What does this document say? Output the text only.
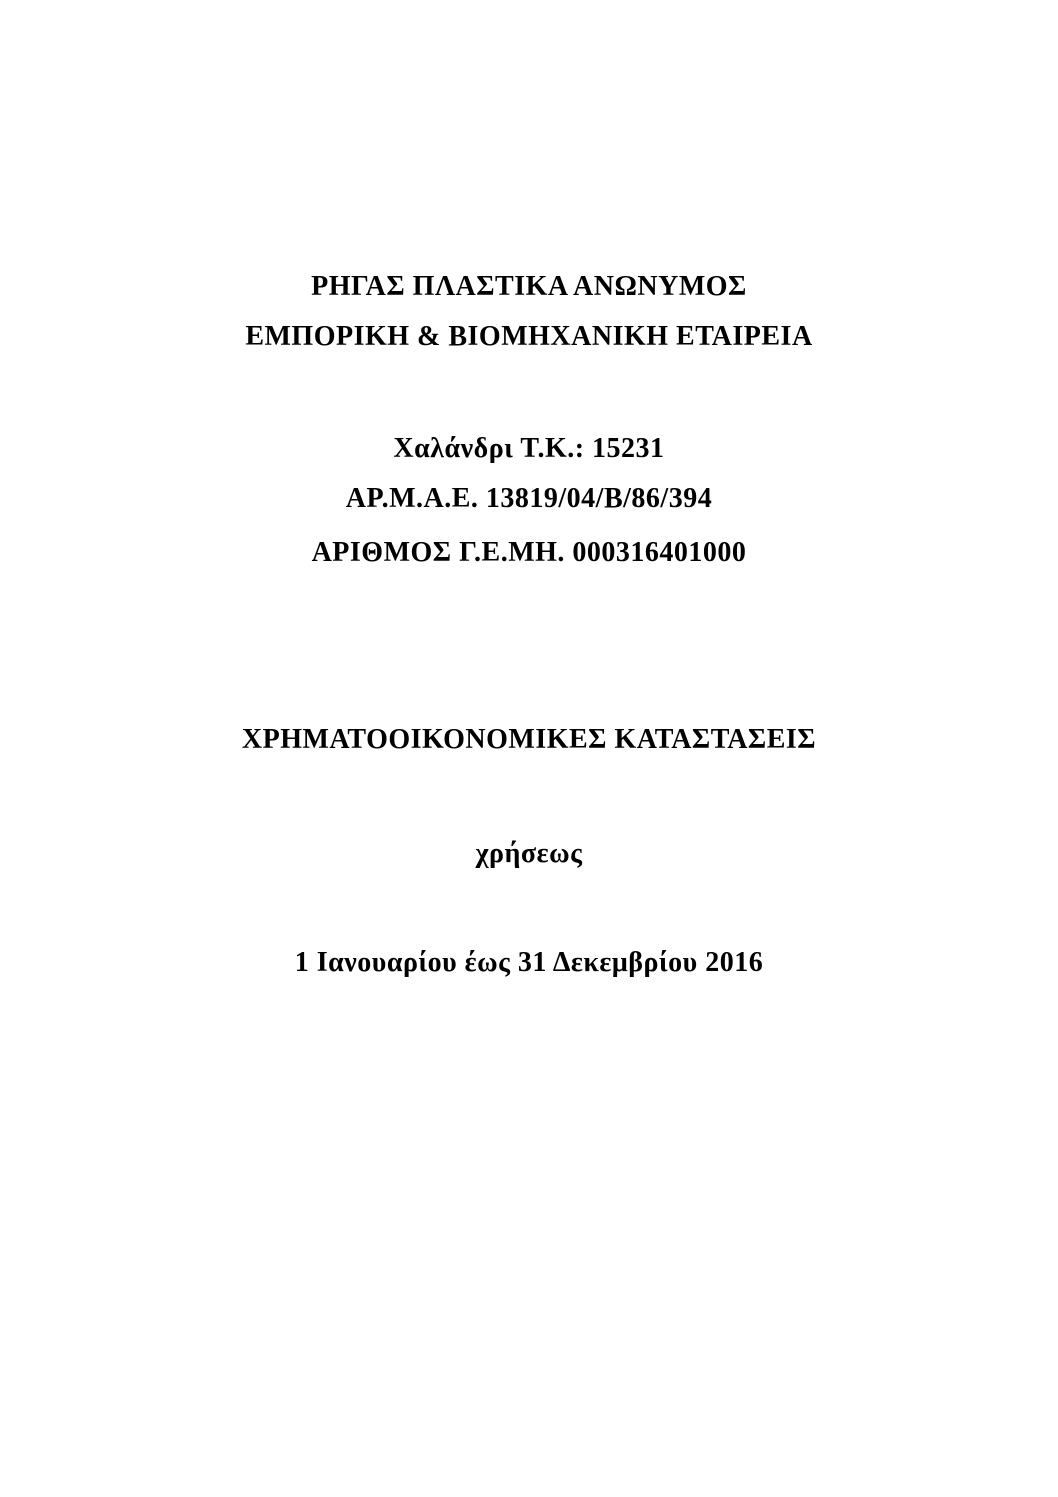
ΡΗΓΑΣ ΠΛΑΣΤΙΚΑ ΑΝΩΝΥΜΟΣ
ΕΜΠΟΡΙΚΗ & ΒΙΟΜΗΧΑΝΙΚΗ ΕΤΑΙΡΕΙΑ
Χαλάνδρι Τ.Κ.: 15231
ΑΡ.Μ.Α.Ε. 13819/04/Β/86/394
ΑΡΙΘΜΟΣ Γ.Ε.ΜΗ. 000316401000
ΧΡΗΜΑΤΟΟΙΚΟΝΟΜΙΚΕΣ ΚΑΤΑΣΤΑΣΕΙΣ
χρήσεως
1 Ιανουαρίου έως 31 Δεκεμβρίου 2016
